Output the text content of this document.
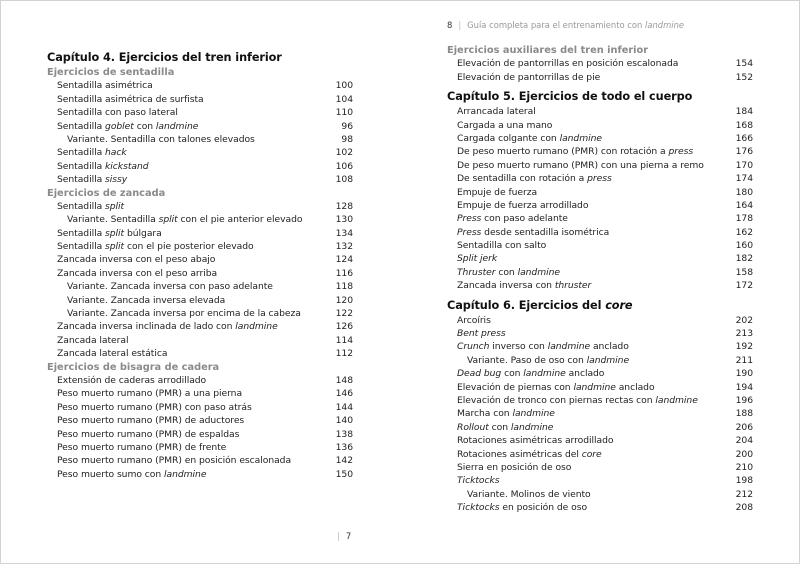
Capítulo 4. Ejercicios del tren inferior
Ejercicios de sentadilla
Sentadilla asimétrica	100
Sentadilla asimétrica de surfista	104
Sentadilla con paso lateral	110
Sentadilla goblet con landmine	96
Variante. Sentadilla con talones elevados	98
Sentadilla hack	102
Sentadilla kickstand	106
Sentadilla sissy	108
Ejercicios de zancada
Sentadilla split	128
Variante. Sentadilla split con el pie anterior elevado	130
Sentadilla split búlgara	134
Sentadilla split con el pie posterior elevado	132
Zancada inversa con el peso abajo	124
Zancada inversa con el peso arriba	116
Variante. Zancada inversa con paso adelante	118
Variante. Zancada inversa elevada	120
Variante. Zancada inversa por encima de la cabeza	122
Zancada inversa inclinada de lado con landmine	126
Zancada lateral	114
Zancada lateral estática	112
Ejercicios de bisagra de cadera
Extensión de caderas arrodillado	148
Peso muerto rumano (PMR) a una pierna	146
Peso muerto rumano (PMR) con paso atrás	144
Peso muerto rumano (PMR) de aductores	140
Peso muerto rumano (PMR) de espaldas	138
Peso muerto rumano (PMR) de frente	136
Peso muerto rumano (PMR) en posición escalonada	142
Peso muerto sumo con landmine	150
| 7
8 | Guía completa para el entrenamiento con landmine
Ejercicios auxiliares del tren inferior
Elevación de pantorrillas en posición escalonada	154
Elevación de pantorrillas de pie	152
Capítulo 5. Ejercicios de todo el cuerpo
Arrancada lateral	184
Cargada a una mano	168
Cargada colgante con landmine	166
De peso muerto rumano (PMR) con rotación a press	176
De peso muerto rumano (PMR) con una pierna a remo	170
De sentadilla con rotación a press	174
Empuje de fuerza	180
Empuje de fuerza arrodillado	164
Press con paso adelante	178
Press desde sentadilla isométrica	162
Sentadilla con salto	160
Split jerk	182
Thruster con landmine	158
Zancada inversa con thruster	172
Capítulo 6. Ejercicios del core
Arcoíris	202
Bent press	213
Crunch inverso con landmine anclado	192
Variante. Paso de oso con landmine	211
Dead bug con landmine anclado	190
Elevación de piernas con landmine anclado	194
Elevación de tronco con piernas rectas con landmine	196
Marcha con landmine	188
Rollout con landmine	206
Rotaciones asimétricas arrodillado	204
Rotaciones asimétricas del core	200
Sierra en posición de oso	210
Ticktocks	198
Variante. Molinos de viento	212
Ticktocks en posición de oso	208
